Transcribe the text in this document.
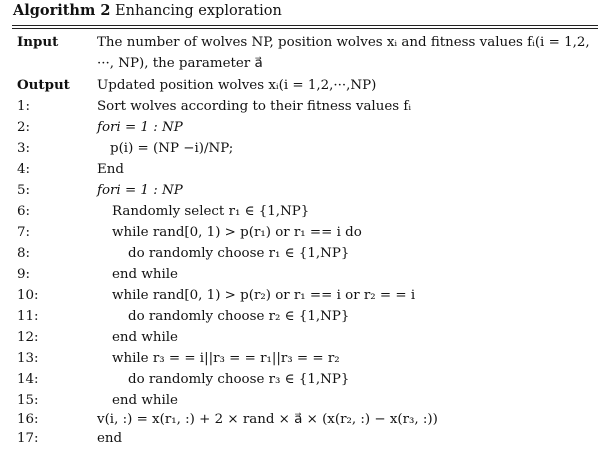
Algorithm 2 Enhancing exploration
Input	The number of wolves NP, position wolves xᵢ and fitness values fᵢ(i = 1,2,
···, NP), the parameter a⃗
Output Updated position wolves xᵢ(i = 1,2,···,NP)
1:	Sort wolves according to their fitness values fᵢ
2:	fori = 1 : NP
3:	p(i) = (NP −i)/NP;
4:	End
5:	fori = 1 : NP
6:	Randomly select r₁ ∈ {1,NP}
7:	while rand[0, 1) > p(r₁) or r₁ == i do
8:	do randomly choose r₁ ∈ {1,NP}
9:	end while
10:	while rand[0, 1) > p(r₂) or r₁ == i or r₂ = = i
11:	do randomly choose r₂ ∈ {1,NP}
12:	end while
13:	while r₃ = = i||r₃ = = r₁||r₃ = = r₂
14:	do randomly choose r₃ ∈ {1,NP}
15:	end while
16:	v(i, :) = x(r₁, :) + 2 × rand × a⃗ × (x(r₂, :) − x(r₃, :))
17:	end
